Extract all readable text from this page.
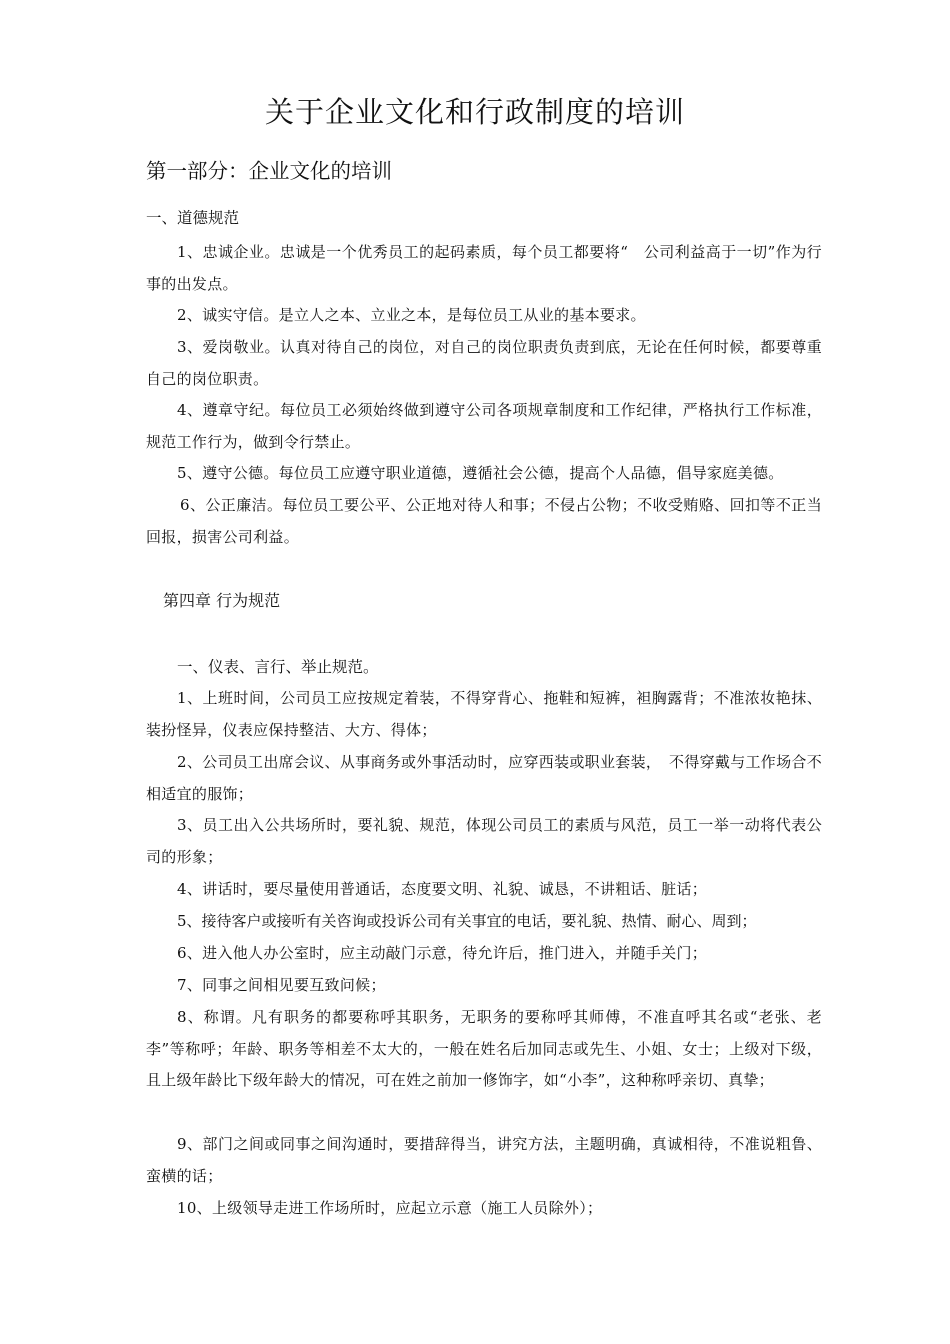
关于企业文化和行政制度的培训
第一部分：企业文化的培训
一、道德规范
1、忠诚企业。忠诚是一个优秀员工的起码素质，每个员工都要将“　公司利益高于一切”作为行事的出发点。
2、诚实守信。是立人之本、立业之本，是每位员工从业的基本要求。
3、爱岗敬业。认真对待自己的岗位，对自己的岗位职责负责到底，无论在任何时候，都要尊重自己的岗位职责。
4、遵章守纪。每位员工必须始终做到遵守公司各项规章制度和工作纪律，严格执行工作标准，规范工作行为，做到令行禁止。
5、遵守公德。每位员工应遵守职业道德，遵循社会公德，提高个人品德，倡导家庭美德。
6、公正廉洁。每位员工要公平、公正地对待人和事；不侵占公物；不收受贿赂、回扣等不正当回报，损害公司利益。
第四章 行为规范
一、仪表、言行、举止规范。
1、上班时间，公司员工应按规定着装，不得穿背心、拖鞋和短裤，袒胸露背；不准浓妆艳抹、装扮怪异，仪表应保持整洁、大方、得体；
2、公司员工出席会议、从事商务或外事活动时，应穿西装或职业套装，　不得穿戴与工作场合不相适宜的服饰；
3、员工出入公共场所时，要礼貌、规范，体现公司员工的素质与风范，员工一举一动将代表公司的形象；
4、讲话时，要尽量使用普通话，态度要文明、礼貌、诚恳，不讲粗话、脏话；
5、接待客户或接听有关咨询或投诉公司有关事宜的电话，要礼貌、热情、耐心、周到；
6、进入他人办公室时，应主动敲门示意，待允许后，推门进入，并随手关门；
7、同事之间相见要互致问候；
8、称谓。凡有职务的都要称呼其职务，无职务的要称呼其师傅，不准直呼其名或“老张、老李”等称呼；年龄、职务等相差不太大的，一般在姓名后加同志或先生、小姐、女士；上级对下级，且上级年龄比下级年龄大的情况，可在姓之前加一修饰字，如“小李”，这种称呼亲切、真挚；
9、部门之间或同事之间沟通时，要措辞得当，讲究方法，主题明确，真诚相待，不准说粗鲁、蛮横的话；
10、上级领导走进工作场所时，应起立示意（施工人员除外）；
